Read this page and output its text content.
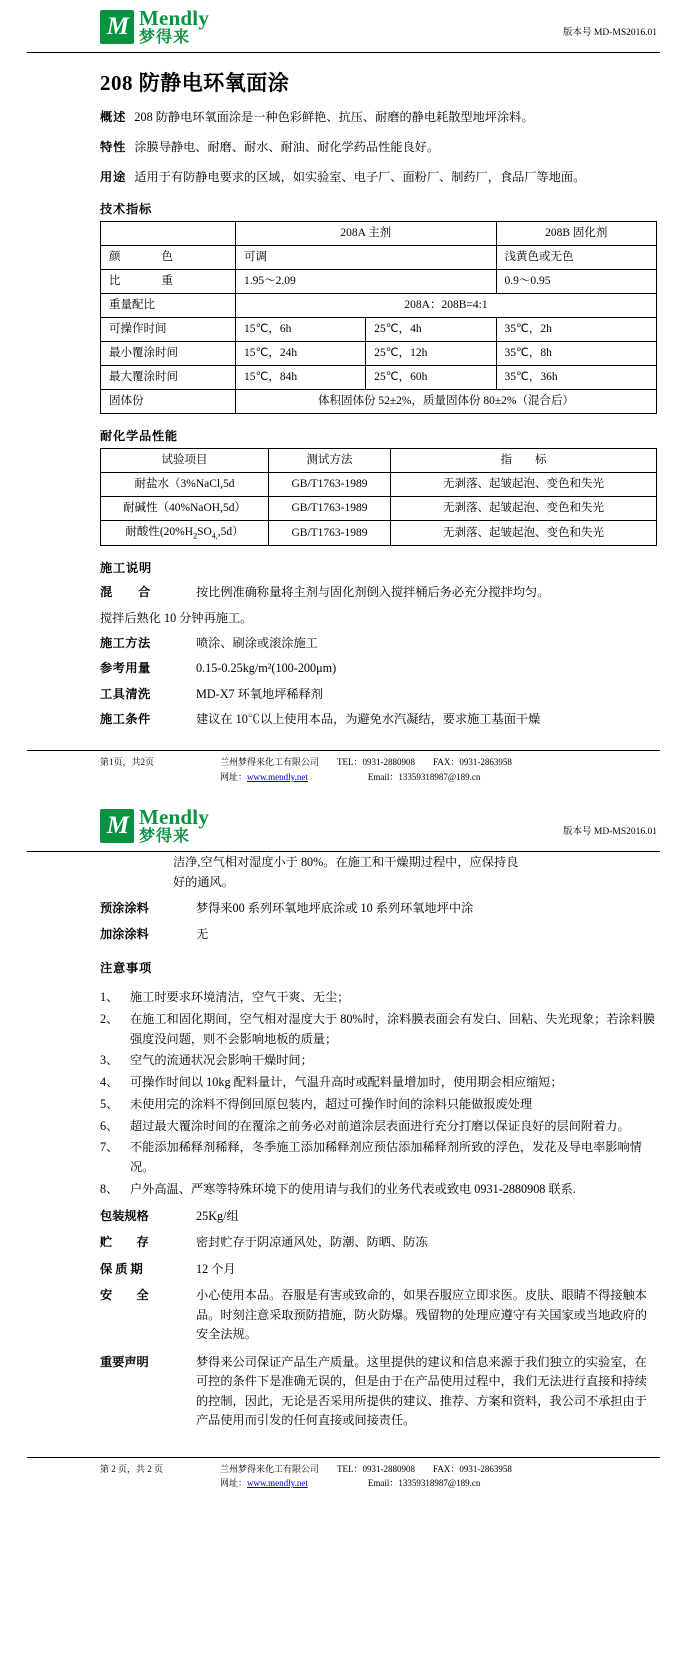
M
Mendly
梦得来	版本号 MD-MS2016.01
208 防静电环氧面涂
概述 208 防静电环氧面涂是一种色彩鲜艳、抗压、耐磨的静电耗散型地坪涂料。
特性 涂膜导静电、耐磨、耐水、耐油、耐化学药品性能良好。
用途 适用于有防静电要求的区域，如实验室、电子厂、面粉厂、制药厂，食品厂等地面。
技术指标
	208A 主剂		208B 固化剂
颜　　色	可调		浅黄色或无色
比　　重	1.95～2.09		0.9～0.95
重量配比	208A：208B=4:1		
可操作时间	15℃，6h	25℃，4h	35℃，2h
最小覆涂时间	15℃，24h	25℃，12h	35℃，8h
最大覆涂时间	15℃，84h	25℃，60h	35℃，36h
固体份	体积固体份 52±2%，质量固体份 80±2%（混合后）		
耐化学品性能
试验项目	测试方法	指　　标
耐盐水（3%NaCl,5d	GB/T1763-1989	无剥落、起皱起泡、变色和失光
耐碱性（40%NaOH,5d）	GB/T1763-1989	无剥落、起皱起泡、变色和失光
耐酸性$(20\%H_2SO_{4,},5d)$	GB/T1763-1989	无剥落、起皱起泡、变色和失光
施工说明
混　　合	按比例准确称量将主剂与固化剂倒入搅拌桶后务必充分搅拌均匀。
搅拌后熟化 10 分钟再施工。
施工方法	喷涂、刷涂或滚涂施工
参考用量	0.15-0.25kg/m²(100-200μm)
工具清洗	MD-X7 环氧地坪稀释剂
施工条件	建议在 10℃以上使用本品，为避免水汽凝结，要求施工基面干燥
第1页，共2页	兰州梦得来化工有限公司 TEL：0931-2880908 FAX：0931-2863958
网址：www.mendly.net	Email：13359318987@189.cn
M
Mendly
梦得来	版本号 MD-MS2016.01
洁净,空气相对湿度小于 80%。在施工和干燥期过程中，应保持良
好的通风。
预涂涂料	梦得来00 系列环氧地坪底涂或 10 系列环氧地坪中涂
加涂涂料	无
注意事项
1、 施工时要求环境清洁，空气干爽、无尘；
2、 在施工和固化期间，空气相对湿度大于 80%时，涂料膜表面会有发白、回粘、失光现象；若涂料膜强度没问题，则不会影响地板的质量；
3、 空气的流通状况会影响干燥时间；
4、 可操作时间以 10kg 配料量计，气温升高时或配料量增加时，使用期会相应缩短；
5、 未使用完的涂料不得倒回原包装内，超过可操作时间的涂料只能做报废处理
6、 超过最大覆涂时间的在覆涂之前务必对前道涂层表面进行充分打磨以保证良好的层间附着力。
7、 不能添加稀释剂稀释，冬季施工添加稀释剂应预估添加稀释剂所致的浮色，发花及导电率影响情况。
8、 户外高温、严寒等特殊环境下的使用请与我们的业务代表或致电 0931-2880908 联系.
包装规格	25Kg/组
贮　　存	密封贮存于阴凉通风处，防潮、防晒、防冻
保 质 期	12 个月
安　　全	小心使用本品。吞服是有害或致命的，如果吞服应立即求医。皮肤、眼睛不得接触本品。时刻注意采取预防措施，防火防爆。残留物的处理应遵守有关国家或当地政府的安全法规。
重要声明	梦得来公司保证产品生产质量。这里提供的建议和信息来源于我们独立的实验室，在可控的条件下是准确无误的，但是由于在产品使用过程中，我们无法进行直接和持续的控制，因此，无论是否采用所提供的建议、推荐、方案和资料，我公司不承担由于产品使用而引发的任何直接或间接责任。
第 2 页，共 2 页	兰州梦得来化工有限公司 TEL：0931-2880908 FAX：0931-2863958
网址：www.mendly.net	Email：13359318987@189.cn
